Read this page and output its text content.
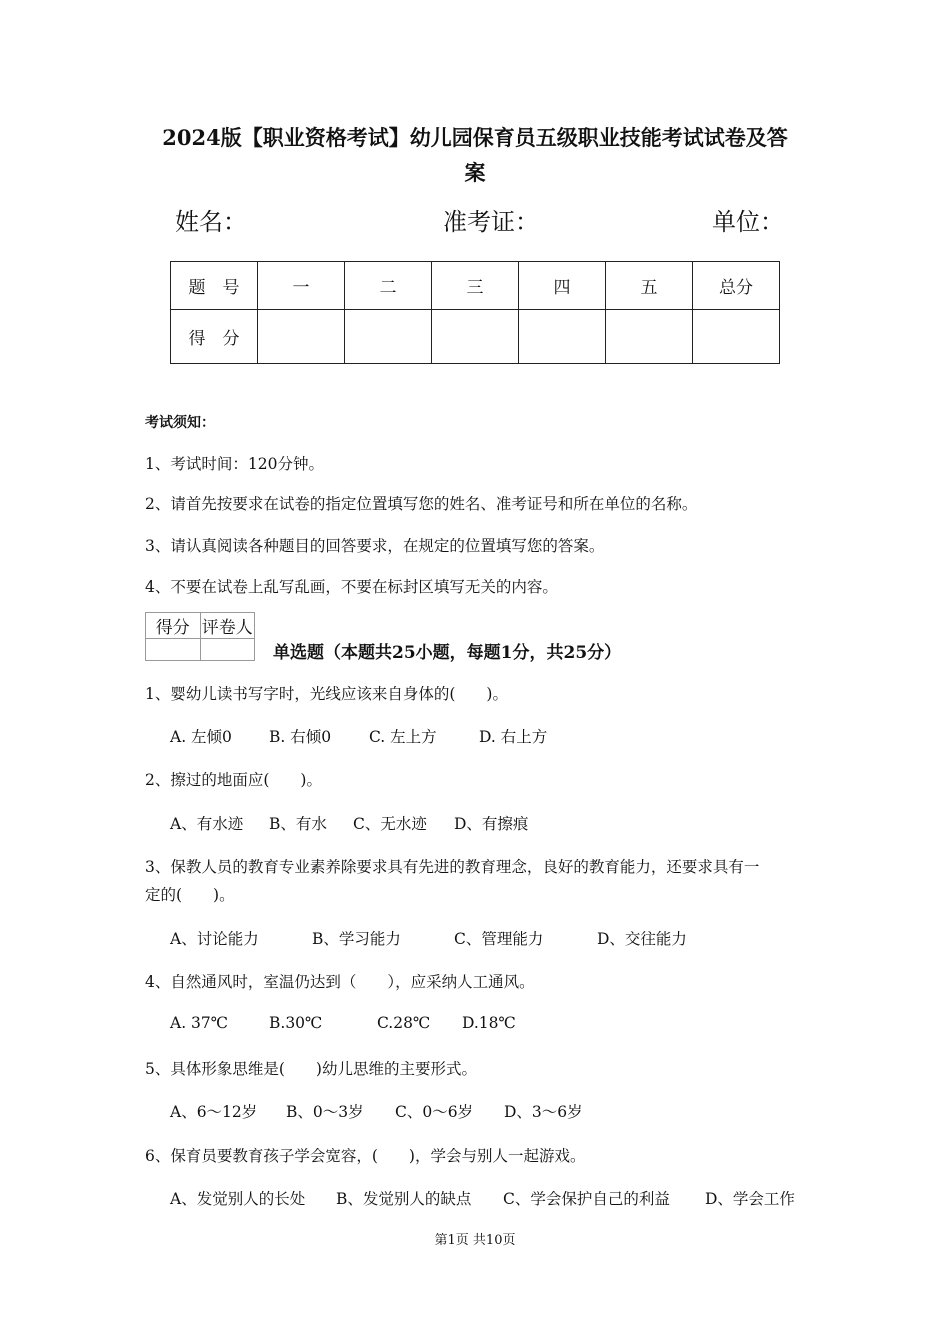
2024版【职业资格考试】幼儿园保育员五级职业技能考试试卷及答
案
姓名：	准考证：	单位：
题　号	一	二	三	四	五	总分
得　分						
考试须知：
1、考试时间：120分钟。
2、请首先按要求在试卷的指定位置填写您的姓名、准考证号和所在单位的名称。
3、请认真阅读各种题目的回答要求，在规定的位置填写您的答案。
4、不要在试卷上乱写乱画，不要在标封区填写无关的内容。
得分	评卷人

单选题（本题共25小题，每题1分，共25分）
1、婴幼儿读书写字时，光线应该来自身体的(　　)。
A. 左倾0	B. 右倾0	C. 左上方	D. 右上方
2、擦过的地面应(　　)。
A、有水迹	B、有水	C、无水迹	D、有擦痕
3、保教人员的教育专业素养除要求具有先进的教育理念，良好的教育能力，还要求具有一
定的(　　)。
A、讨论能力	B、学习能力	C、管理能力	D、交往能力
4、自然通风时，室温仍达到（　　），应采纳人工通风。
A. 37℃	B.30℃	C.28℃	D.18℃
5、具体形象思维是(　　)幼儿思维的主要形式。
A、6～12岁	B、0～3岁	C、0～6岁	D、3～6岁
6、保育员要教育孩子学会宽容，(　　)，学会与别人一起游戏。
A、发觉别人的长处	B、发觉别人的缺点	C、学会保护自己的利益	D、学会工作
第1页 共10页
